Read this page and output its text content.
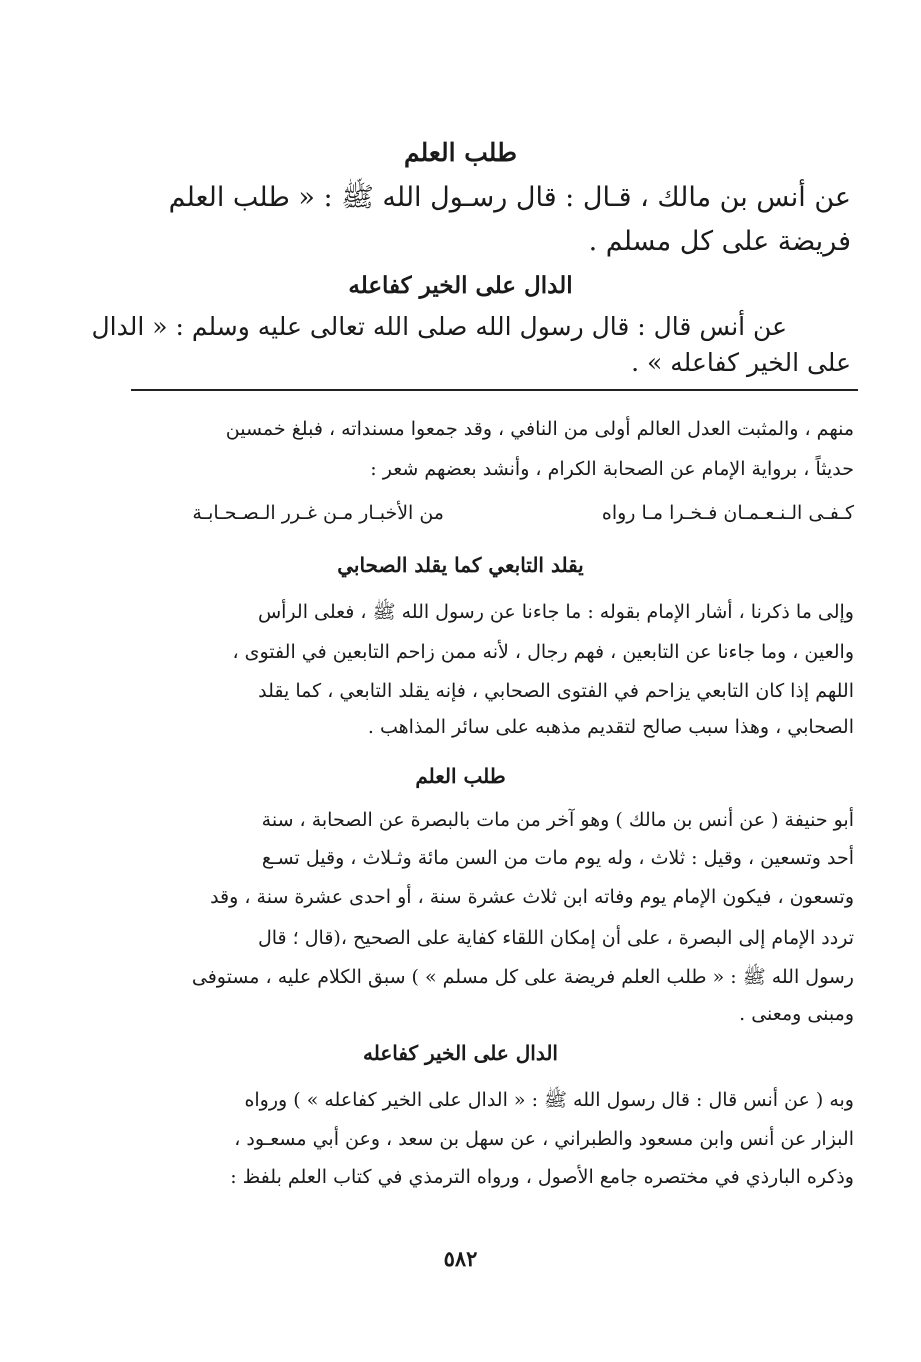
طلب العلم
عن أنس بن مالك ، قـال : قال رسـول الله ﷺ : « طلب العلم
فريضة على كل مسلم .
الدال على الخير كفاعله
عن أنس قال : قال رسول الله صلى الله تعالى عليه وسلم : « الدال
على الخير كفاعله » .
منهم ، والمثبت العدل العالم أولى من النافي ، وقد جمعوا مسنداته ، فبلغ خمسين
حديثاً ، برواية الإمام عن الصحابة الكرام ، وأنشد بعضهم شعر :
كـفـى الـنـعـمـان فـخـرا مـا رواه
من الأخبـار مـن غـرر الـصـحـابـة
يقلد التابعي كما يقلد الصحابي
وإلى ما ذكرنا ، أشار الإمام بقوله : ما جاءنا عن رسول الله ﷺ ، فعلى الرأس
والعين ، وما جاءنا عن التابعين ، فهم رجال ، لأنه ممن زاحم التابعين في الفتوى ،
اللهم إذا كان التابعي يزاحم في الفتوى الصحابي ، فإنه يقلد التابعي ، كما يقلد
الصحابي ، وهذا سبب صالح لتقديم مذهبه على سائر المذاهب .
طلب العلم
أبو حنيفة ( عن أنس بن مالك ) وهو آخر من مات بالبصرة عن الصحابة ، سنة
أحد وتسعين ، وقيل : ثلاث ، وله يوم مات من السن مائة وثـلاث ، وقيل تسـع
وتسعون ، فيكون الإمام يوم وفاته ابن ثلاث عشرة سنة ، أو احدى عشرة سنة ، وقد
تردد الإمام إلى البصرة ، على أن إمكان اللقاء كفاية على الصحيح ،(قال ؛ قال
رسول الله ﷺ : « طلب العلم فريضة على كل مسلم » ) سبق الكلام عليه ، مستوفى
ومبنى ومعنى .
الدال على الخير كفاعله
وبه ( عن أنس قال : قال رسول الله ﷺ : « الدال على الخير كفاعله » ) ورواه
البزار عن أنس وابن مسعود والطبراني ، عن سهل بن سعد ، وعن أبي مسعـود ،
وذكره البارذي في مختصره جامع الأصول ، ورواه الترمذي في كتاب العلم بلفظ :
٥٨٢
